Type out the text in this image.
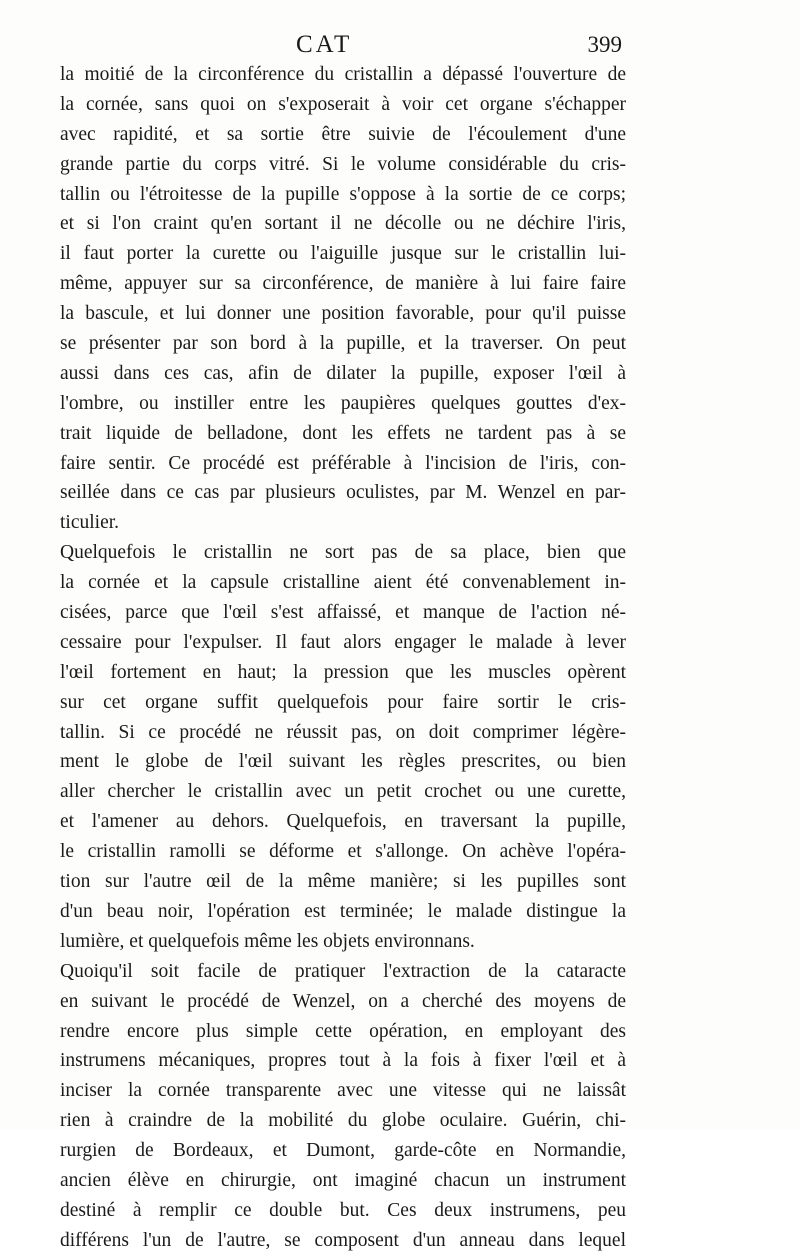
CAT	399
la moitié de la circonférence du cristallin a dépassé l'ouverture de
la cornée, sans quoi on s'exposerait à voir cet organe s'échapper
avec rapidité, et sa sortie être suivie de l'écoulement d'une
grande partie du corps vitré. Si le volume considérable du cris-
tallin ou l'étroitesse de la pupille s'oppose à la sortie de ce corps;
et si l'on craint qu'en sortant il ne décolle ou ne déchire l'iris,
il faut porter la curette ou l'aiguille jusque sur le cristallin lui-
même, appuyer sur sa circonférence, de manière à lui faire faire
la bascule, et lui donner une position favorable, pour qu'il puisse
se présenter par son bord à la pupille, et la traverser. On peut
aussi dans ces cas, afin de dilater la pupille, exposer l'œil à
l'ombre, ou instiller entre les paupières quelques gouttes d'ex-
trait liquide de belladone, dont les effets ne tardent pas à se
faire sentir. Ce procédé est préférable à l'incision de l'iris, con-
seillée dans ce cas par plusieurs oculistes, par M. Wenzel en par-
ticulier.
Quelquefois le cristallin ne sort pas de sa place, bien que
la cornée et la capsule cristalline aient été convenablement in-
cisées, parce que l'œil s'est affaissé, et manque de l'action né-
cessaire pour l'expulser. Il faut alors engager le malade à lever
l'œil fortement en haut; la pression que les muscles opèrent
sur cet organe suffit quelquefois pour faire sortir le cris-
tallin. Si ce procédé ne réussit pas, on doit comprimer légère-
ment le globe de l'œil suivant les règles prescrites, ou bien
aller chercher le cristallin avec un petit crochet ou une curette,
et l'amener au dehors. Quelquefois, en traversant la pupille,
le cristallin ramolli se déforme et s'allonge. On achève l'opéra-
tion sur l'autre œil de la même manière; si les pupilles sont
d'un beau noir, l'opération est terminée; le malade distingue la
lumière, et quelquefois même les objets environnans.
Quoiqu'il soit facile de pratiquer l'extraction de la cataracte
en suivant le procédé de Wenzel, on a cherché des moyens de
rendre encore plus simple cette opération, en employant des
instrumens mécaniques, propres tout à la fois à fixer l'œil et à
inciser la cornée transparente avec une vitesse qui ne laissât
rien à craindre de la mobilité du globe oculaire. Guérin, chi-
rurgien de Bordeaux, et Dumont, garde-côte en Normandie,
ancien élève en chirurgie, ont imaginé chacun un instrument
destiné à remplir ce double but. Ces deux instrumens, peu
différens l'un de l'autre, se composent d'un anneau dans lequel
